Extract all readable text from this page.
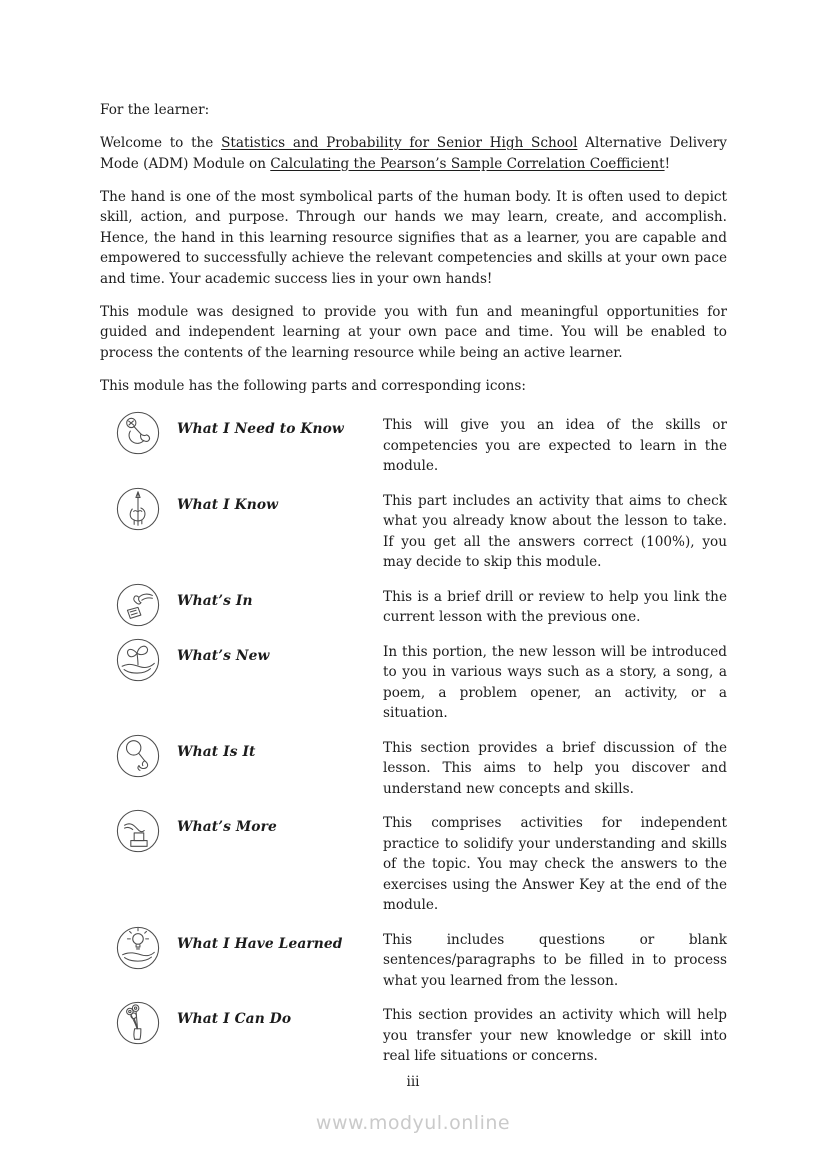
For the learner:

Welcome to the Statistics and Probability for Senior High School Alternative Delivery Mode (ADM) Module on Calculating the Pearson’s Sample Correlation Coefficient!

The hand is one of the most symbolical parts of the human body. It is often used to depict skill, action, and purpose. Through our hands we may learn, create, and accomplish. Hence, the hand in this learning resource signifies that as a learner, you are capable and empowered to successfully achieve the relevant competencies and skills at your own pace and time. Your academic success lies in your own hands!

This module was designed to provide you with fun and meaningful opportunities for guided and independent learning at your own pace and time. You will be enabled to process the contents of the learning resource while being an active learner.

This module has the following parts and corresponding icons:

What I Need to Know	This will give you an idea of the skills or competencies you are expected to learn in the module.
What I Know	This part includes an activity that aims to check what you already know about the lesson to take. If you get all the answers correct (100%), you may decide to skip this module.
What’s In	This is a brief drill or review to help you link the current lesson with the previous one.
What’s New	In this portion, the new lesson will be introduced to you in various ways such as a story, a song, a poem, a problem opener, an activity, or a situation.
What Is It	This section provides a brief discussion of the lesson. This aims to help you discover and understand new concepts and skills.
What’s More	This comprises activities for independent practice to solidify your understanding and skills of the topic. You may check the answers to the exercises using the Answer Key at the end of the module.
What I Have Learned	This includes questions or blank sentences/paragraphs to be filled in to process what you learned from the lesson.
What I Can Do	This section provides an activity which will help you transfer your new knowledge or skill into real life situations or concerns.
iii
www.modyul.online
